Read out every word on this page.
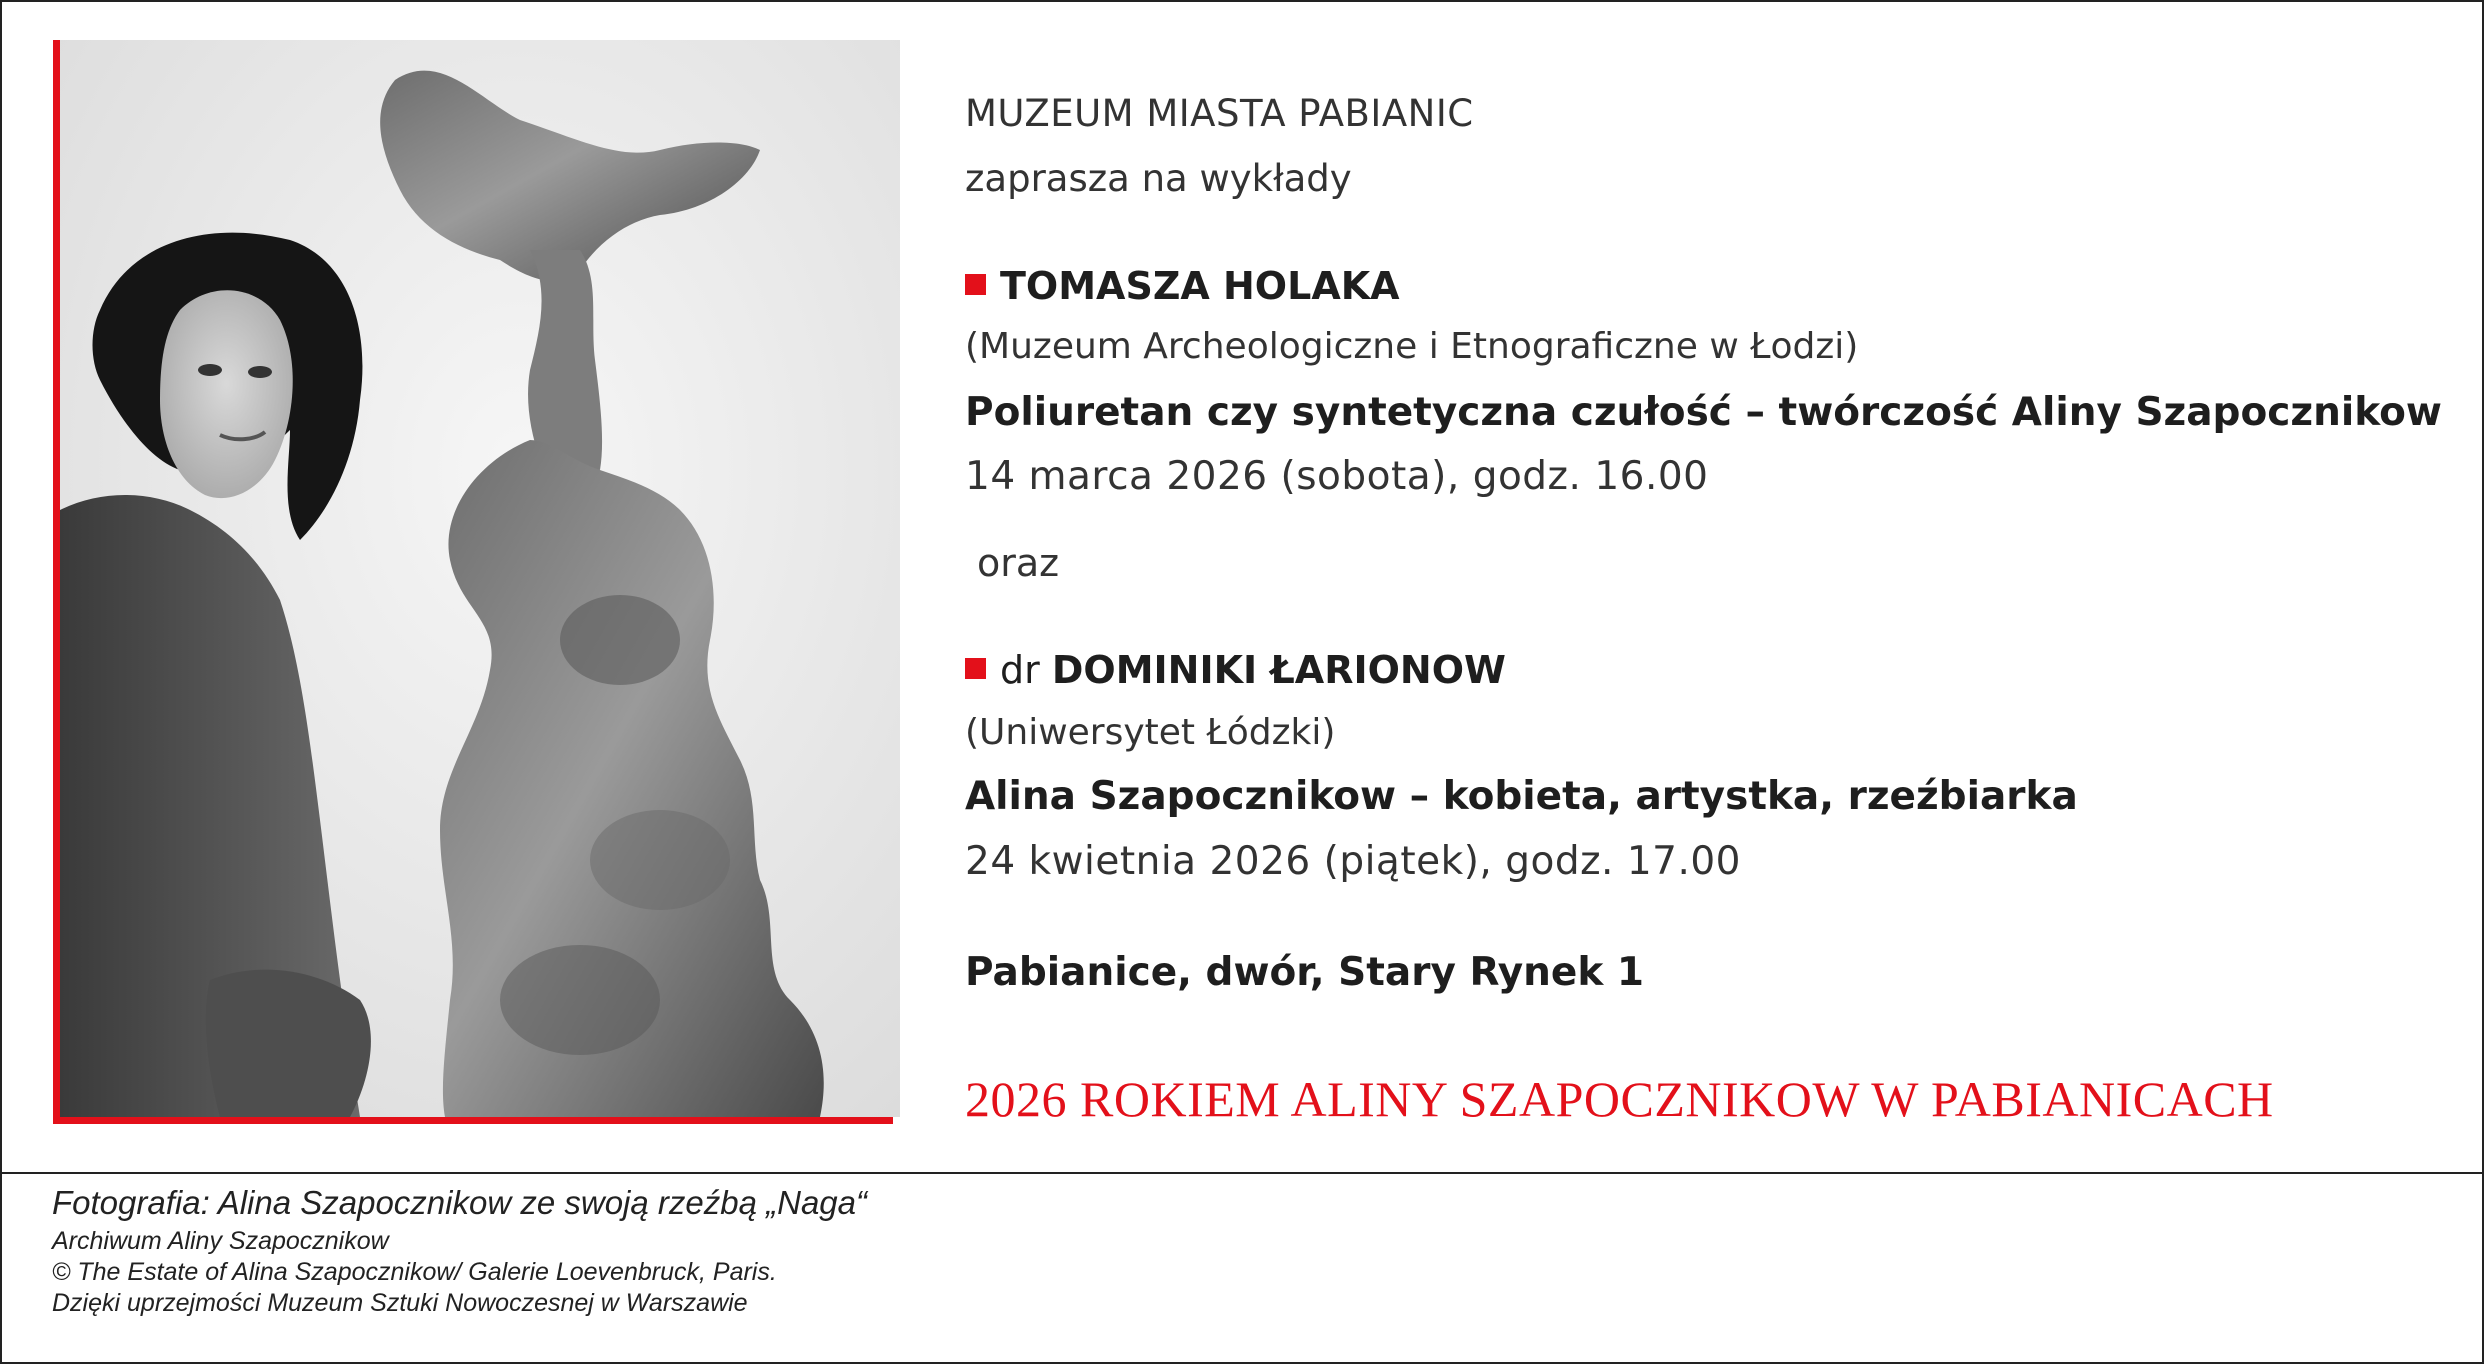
MUZEUM MIASTA PABIANIC
zaprasza na wykłady
TOMASZA HOLAKA
(Muzeum Archeologiczne i Etnograficzne w Łodzi)
Poliuretan czy syntetyczna czułość – twórczość Aliny Szapocznikow
14 marca 2026 (sobota), godz. 16.00
oraz
dr DOMINIKI ŁARIONOW
(Uniwersytet Łódzki)
Alina Szapocznikow – kobieta, artystka, rzeźbiarka
24 kwietnia 2026 (piątek), godz. 17.00
Pabianice, dwór, Stary Rynek 1
2026 ROKIEM ALINY SZAPOCZNIKOW W PABIANICACH
Fotografia: Alina Szapocznikow ze swoją rzeźbą „Naga“
Archiwum Aliny Szapocznikow
© The Estate of Alina Szapocznikow/ Galerie Loevenbruck, Paris.
Dzięki uprzejmości Muzeum Sztuki Nowoczesnej w Warszawie
